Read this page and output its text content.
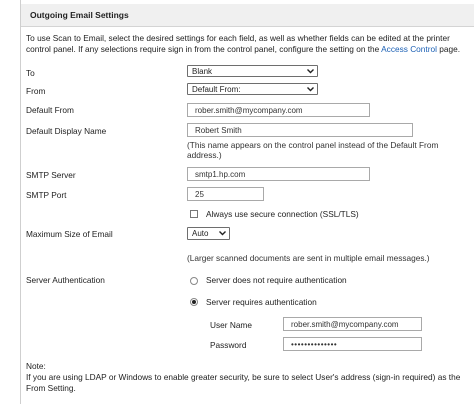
Outgoing Email Settings
To use Scan to Email, select the desired settings for each field, as well as whether fields can be edited at the printer
control panel. If any selections require sign in from the control panel, configure the setting on the Access Control page.
To	Blank
From	Default From:
Default From	rober.smith@mycompany.com
Default Display Name	Robert Smith
(This name appears on the control panel instead of the Default From
address.)
SMTP Server	smtp1.hp.com
SMTP Port	25
Always use secure connection (SSL/TLS)
Maximum Size of Email	Auto
(Larger scanned documents are sent in multiple email messages.)
Server Authentication	Server does not require authentication
Server requires authentication
User Name	rober.smith@mycompany.com
Password	••••••••••••••
Note:
If you are using LDAP or Windows to enable greater security, be sure to select User's address (sign-in required) as the
From Setting.
